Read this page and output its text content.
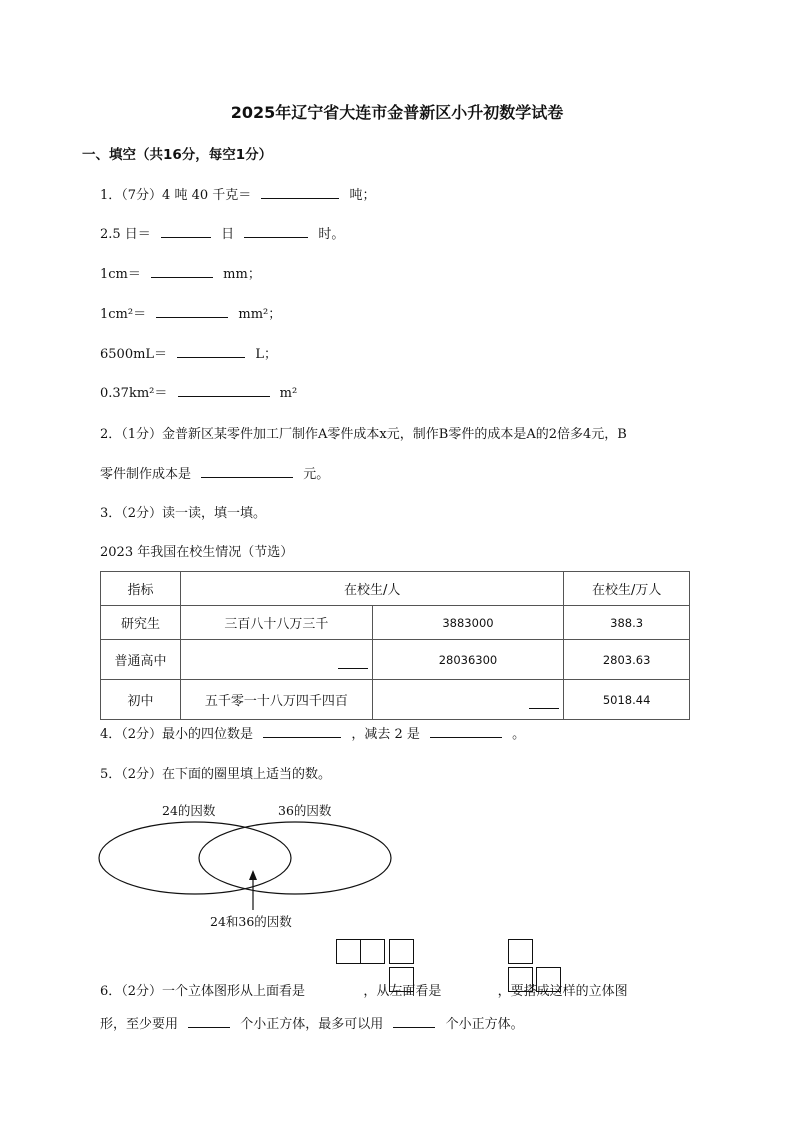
2025年辽宁省大连市金普新区小升初数学试卷
一、填空（共16分，每空1分）
1．（7分）4 吨 40 千克＝	吨；
2.5 日＝	日	时。
1cm＝	mm；
1cm²＝	mm²；
6500mL＝	L；
0.37km²＝	m²
2．（1分）金普新区某零件加工厂制作A零件成本x元，制作B零件的成本是A的2倍多4元，B
零件制作成本是	元。
3．（2分）读一读，填一填。
2023 年我国在校生情况（节选）
指标	在校生/人		在校生/万人
研究生	三百八十八万三千	3883000	388.3
普通高中		28036300	2803.63
初中	五千零一十八万四千四百		5018.44
4．（2分）最小的四位数是	，减去 2 是	。
5．（2分）在下面的圈里填上适当的数。
24的因数	36的因数
24和36的因数
6．（2分）一个立体图形从上面看是	，从左面看是	，要搭成这样的立体图
形，至少要用	个小正方体，最多可以用	个小正方体。
